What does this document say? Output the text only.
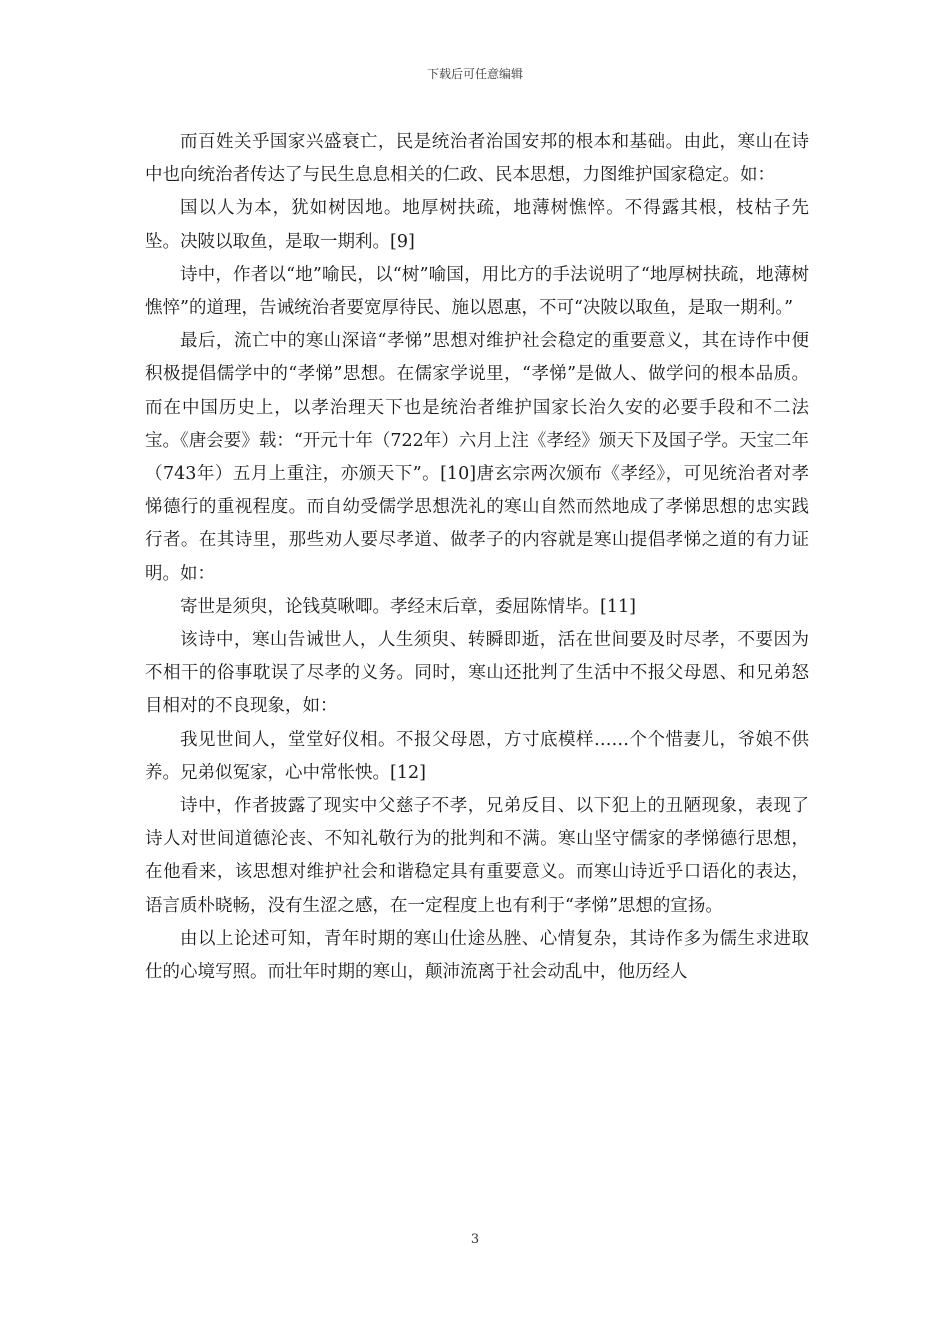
下载后可任意编辑

而百姓关乎国家兴盛衰亡，民是统治者治国安邦的根本和基础。由此，寒山在诗中也向统治者传达了与民生息息相关的仁政、民本思想，力图维护国家稳定。如：

国以人为本，犹如树因地。地厚树扶疏，地薄树憔悴。不得露其根，枝枯子先坠。决陂以取鱼，是取一期利。[9]

诗中，作者以“地”喻民，以“树”喻国，用比方的手法说明了“地厚树扶疏，地薄树憔悴”的道理，告诫统治者要宽厚待民、施以恩惠，不可“决陂以取鱼，是取一期利。”

最后，流亡中的寒山深谙“孝悌”思想对维护社会稳定的重要意义，其在诗作中便积极提倡儒学中的“孝悌”思想。在儒家学说里，“孝悌”是做人、做学问的根本品质。而在中国历史上，以孝治理天下也是统治者维护国家长治久安的必要手段和不二法宝。《唐会要》载：“开元十年（722年）六月上注《孝经》颁天下及国子学。天宝二年（743年）五月上重注，亦颁天下”。[10]唐玄宗两次颁布《孝经》，可见统治者对孝悌德行的重视程度。而自幼受儒学思想洗礼的寒山自然而然地成了孝悌思想的忠实践行者。在其诗里，那些劝人要尽孝道、做孝子的内容就是寒山提倡孝悌之道的有力证明。如：

寄世是须臾，论钱莫啾唧。孝经末后章，委屈陈情毕。[11]

该诗中，寒山告诫世人，人生须臾、转瞬即逝，活在世间要及时尽孝，不要因为不相干的俗事耽误了尽孝的义务。同时，寒山还批判了生活中不报父母恩、和兄弟怒目相对的不良现象，如：

我见世间人，堂堂好仪相。不报父母恩，方寸底模样……个个惜妻儿，爷娘不供养。兄弟似冤家，心中常怅怏。[12]

诗中，作者披露了现实中父慈子不孝，兄弟反目、以下犯上的丑陋现象，表现了诗人对世间道德沦丧、不知礼敬行为的批判和不满。寒山坚守儒家的孝悌德行思想，在他看来，该思想对维护社会和谐稳定具有重要意义。而寒山诗近乎口语化的表达，语言质朴晓畅，没有生涩之感，在一定程度上也有利于“孝悌”思想的宣扬。

由以上论述可知，青年时期的寒山仕途丛脞、心情复杂，其诗作多为儒生求进取仕的心境写照。而壮年时期的寒山，颠沛流离于社会动乱中，他历经人

3
